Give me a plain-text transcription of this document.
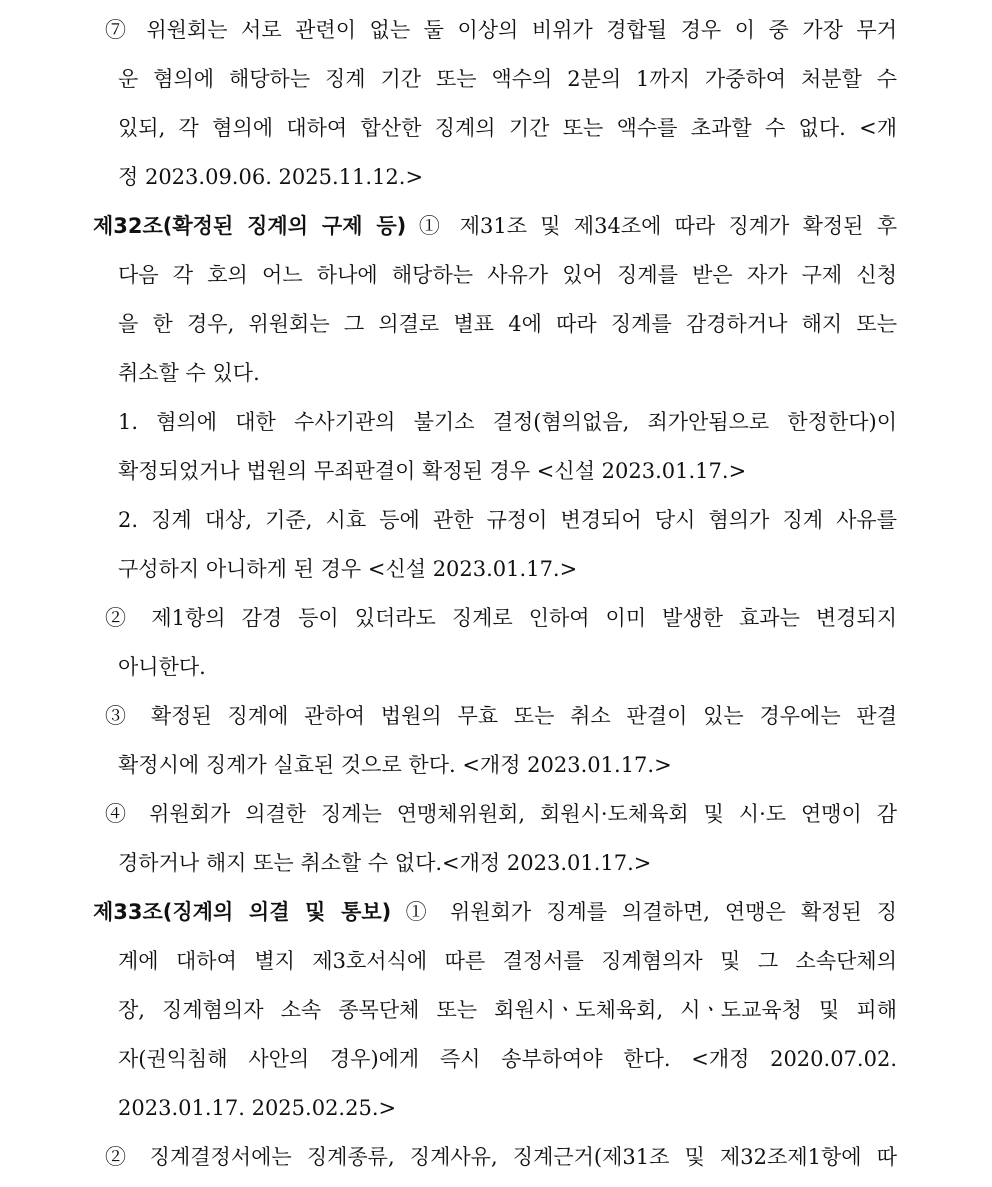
⑦ 위원회는 서로 관련이 없는 둘 이상의 비위가 경합될 경우 이 중 가장 무거
운 혐의에 해당하는 징계 기간 또는 액수의 2분의 1까지 가중하여 처분할 수
있되, 각 혐의에 대하여 합산한 징계의 기간 또는 액수를 초과할 수 없다. <개
정 2023.09.06. 2025.11.12.>
제32조(확정된 징계의 구제 등) ① 제31조 및 제34조에 따라 징계가 확정된 후
다음 각 호의 어느 하나에 해당하는 사유가 있어 징계를 받은 자가 구제 신청
을 한 경우, 위원회는 그 의결로 별표 4에 따라 징계를 감경하거나 해지 또는
취소할 수 있다.
1. 혐의에 대한 수사기관의 불기소 결정(혐의없음, 죄가안됨으로 한정한다)이
확정되었거나 법원의 무죄판결이 확정된 경우 <신설 2023.01.17.>
2. 징계 대상, 기준, 시효 등에 관한 규정이 변경되어 당시 혐의가 징계 사유를
구성하지 아니하게 된 경우 <신설 2023.01.17.>
② 제1항의 감경 등이 있더라도 징계로 인하여 이미 발생한 효과는 변경되지
아니한다.
③ 확정된 징계에 관하여 법원의 무효 또는 취소 판결이 있는 경우에는 판결
확정시에 징계가 실효된 것으로 한다. <개정 2023.01.17.>
④ 위원회가 의결한 징계는 연맹체위원회, 회원시·도체육회 및 시·도 연맹이 감
경하거나 해지 또는 취소할 수 없다.<개정 2023.01.17.>
제33조(징계의 의결 및 통보) ① 위원회가 징계를 의결하면, 연맹은 확정된 징
계에 대하여 별지 제3호서식에 따른 결정서를 징계혐의자 및 그 소속단체의
장, 징계혐의자 소속 종목단체 또는 회원시ㆍ도체육회, 시ㆍ도교육청 및 피해
자(권익침해 사안의 경우)에게 즉시 송부하여야 한다. <개정 2020.07.02.
2023.01.17. 2025.02.25.>
② 징계결정서에는 징계종류, 징계사유, 징계근거(제31조 및 제32조제1항에 따
